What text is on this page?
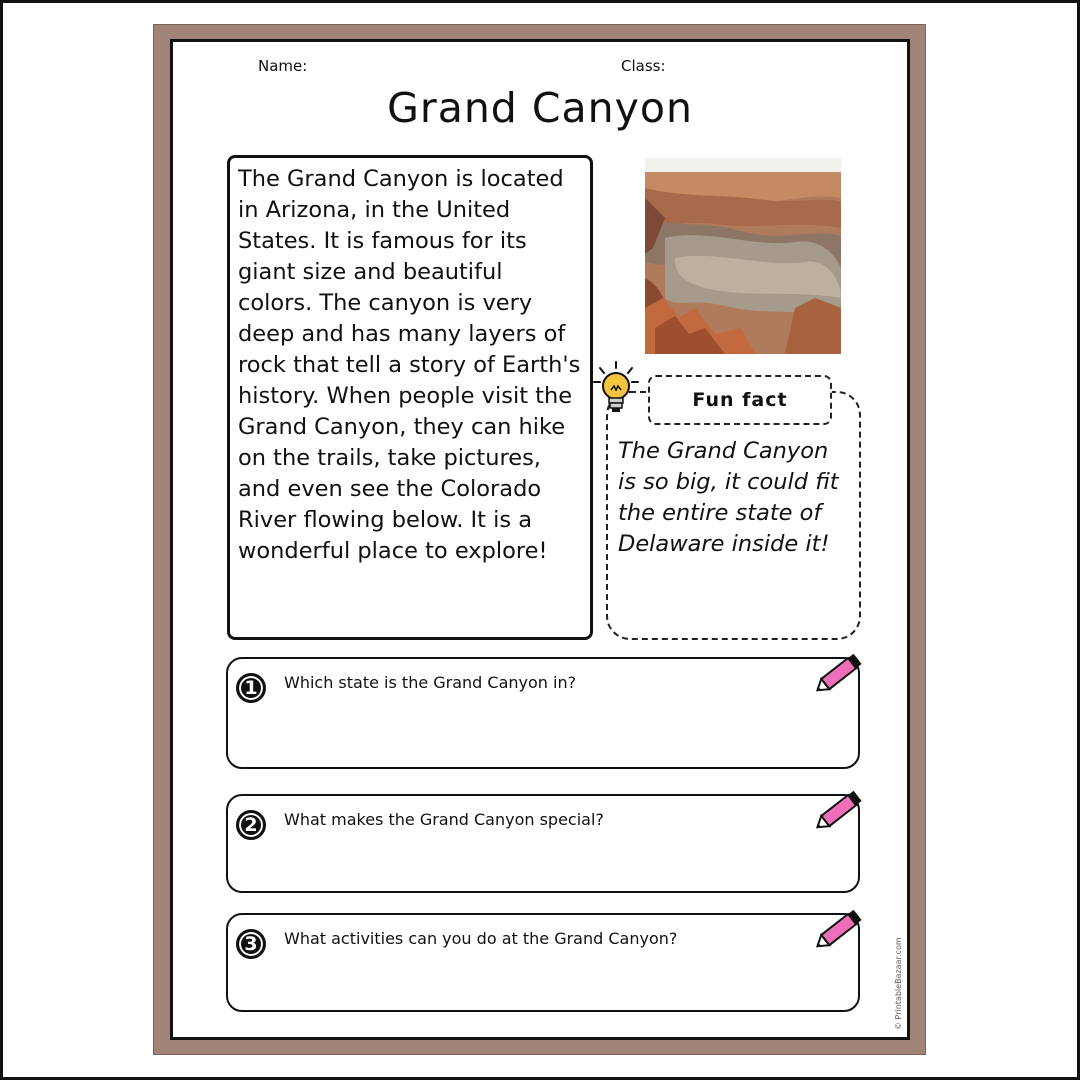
Name:	Class:
Grand Canyon

The Grand Canyon is located in Arizona, in the United States. It is famous for its giant size and beautiful colors. The canyon is very deep and has many layers of rock that tell a story of Earth's history. When people visit the Grand Canyon, they can hike on the trails, take pictures, and even see the Colorado River flowing below. It is a wonderful place to explore!

Fun fact
The Grand Canyon is so big, it could fit the entire state of Delaware inside it!
1	Which state is the Grand Canyon in?
2	What makes the Grand Canyon special?
3	What activities can you do at the Grand Canyon?	© PrintableBazaar.com
